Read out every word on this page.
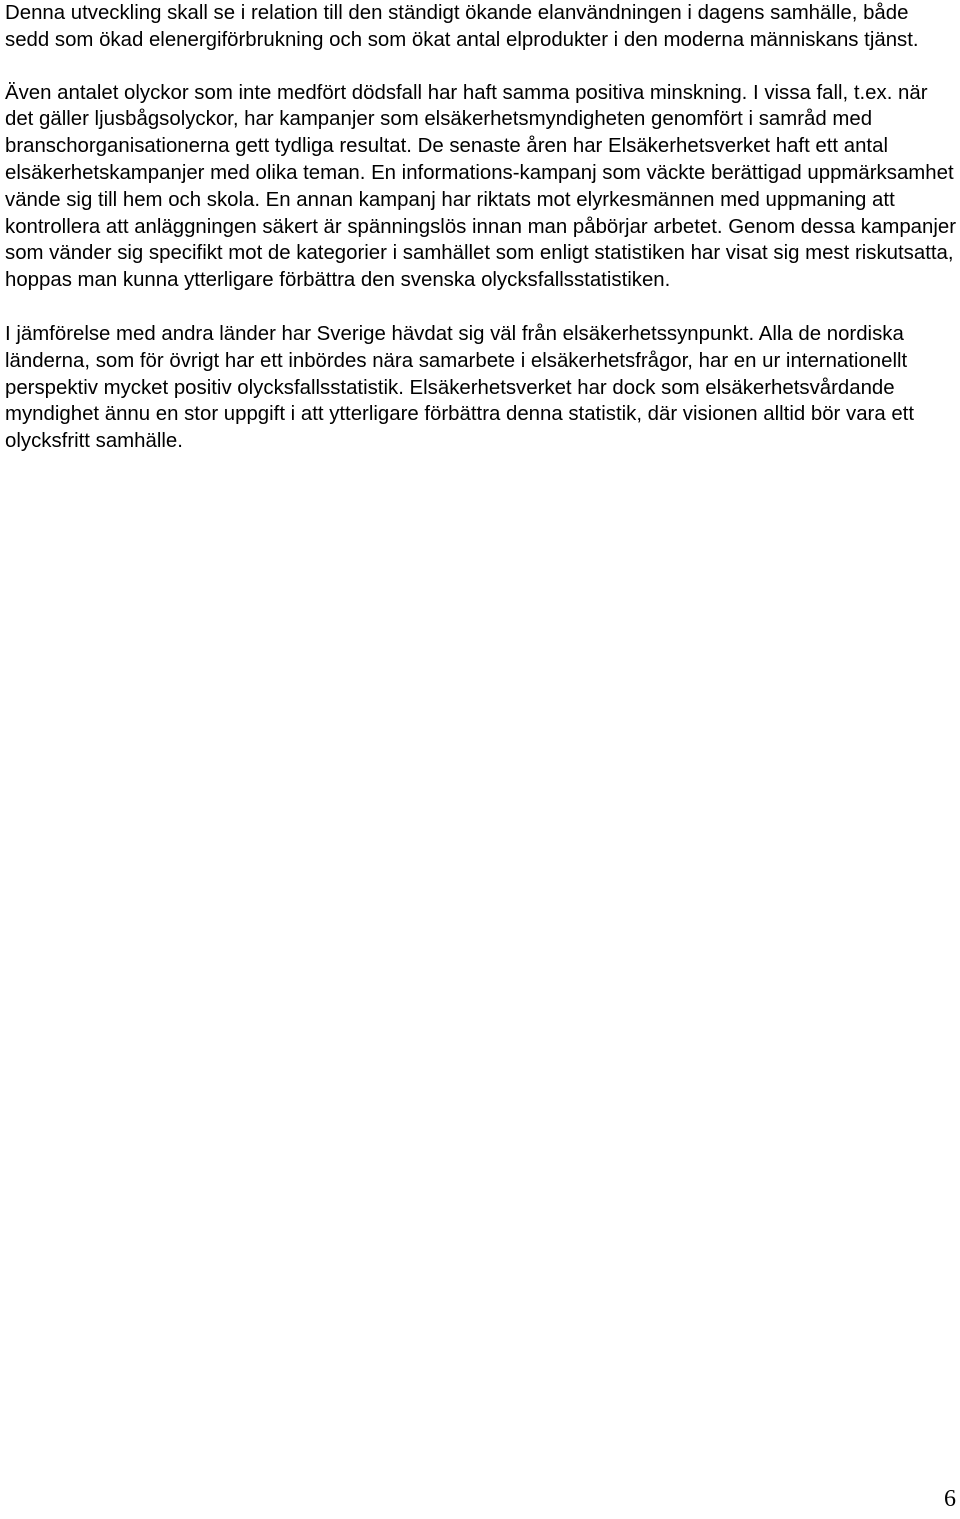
Denna utveckling skall se i relation till den ständigt ökande elanvändningen i dagens samhälle, både sedd som ökad elenergiförbrukning och som ökat antal elprodukter i den moderna människans tjänst.

Även antalet olyckor som inte medfört dödsfall har haft samma positiva minskning. I vissa fall, t.ex. när det gäller ljusbågsolyckor, har kampanjer som elsäkerhetsmyndigheten genomfört i samråd med branschorganisationerna gett tydliga resultat. De senaste åren har Elsäkerhetsverket haft ett antal elsäkerhetskampanjer med olika teman. En informations-kampanj som väckte berättigad uppmärksamhet vände sig till hem och skola. En annan kampanj har riktats mot elyrkesmännen med uppmaning att kontrollera att anläggningen säkert är spänningslös innan man påbörjar arbetet. Genom dessa kampanjer som vänder sig specifikt mot de kategorier i samhället som enligt statistiken har visat sig mest riskutsatta, hoppas man kunna ytterligare förbättra den svenska olycksfallsstatistiken.

I jämförelse med andra länder har Sverige hävdat sig väl från elsäkerhetssynpunkt. Alla de nordiska länderna, som för övrigt har ett inbördes nära samarbete i elsäkerhetsfrågor, har en ur internationellt perspektiv mycket positiv olycksfallsstatistik. Elsäkerhetsverket har dock som elsäkerhetsvårdande myndighet ännu en stor uppgift i att ytterligare förbättra denna statistik, där visionen alltid bör vara ett olycksfritt samhälle.

6
